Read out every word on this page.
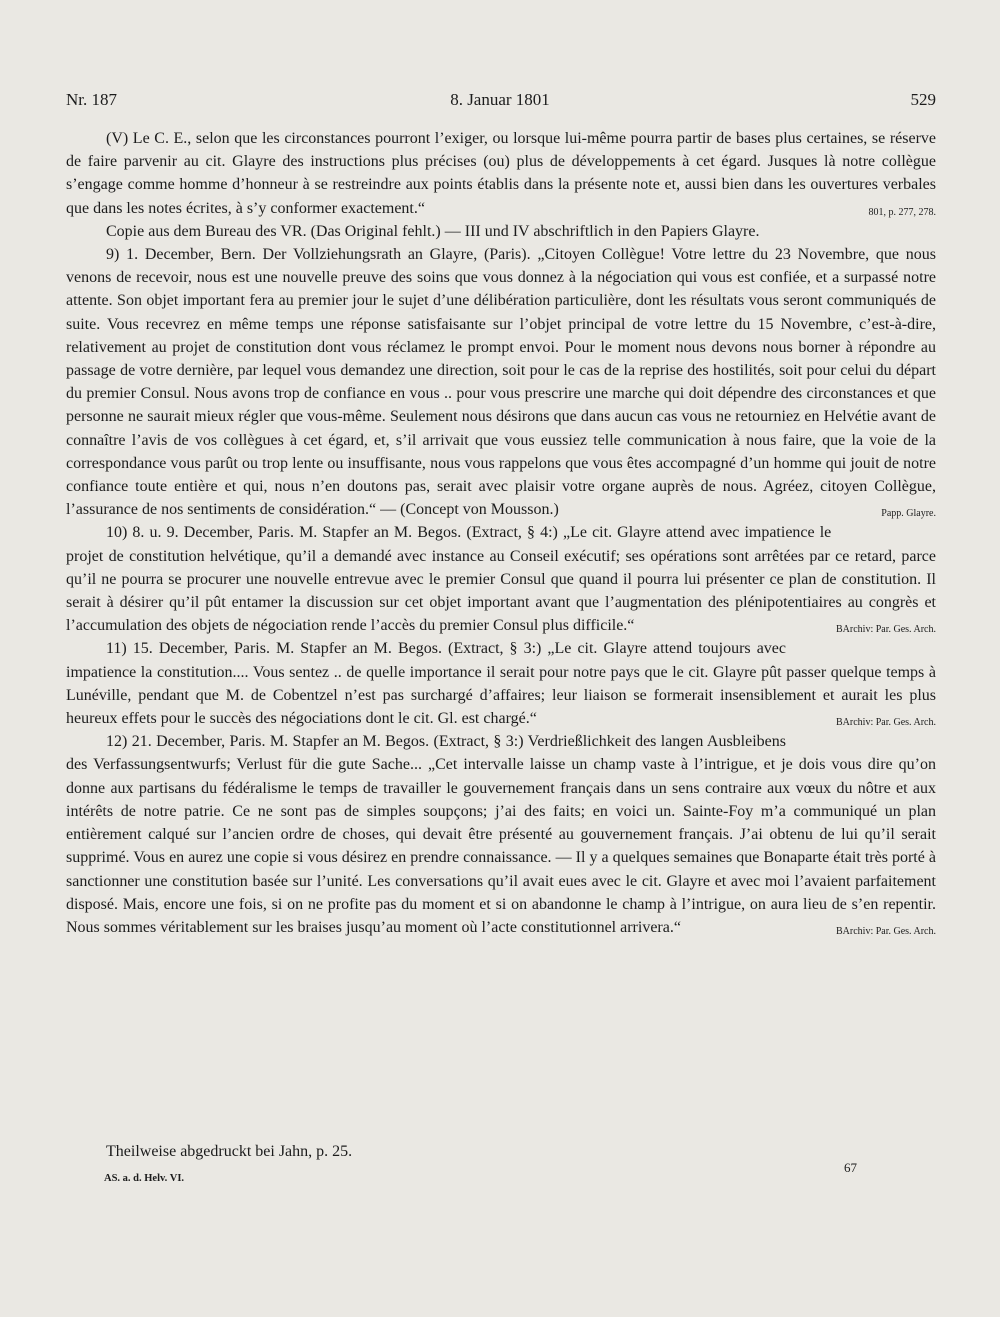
Nr. 187	8. Januar 1801	529

(V) Le C. E., selon que les circonstances pourront l’exiger, ou lorsque lui-même pourra partir de bases plus certaines, se réserve de faire parvenir au cit. Glayre des instructions plus précises (ou) plus de développements à cet égard. Jusques là notre collègue s’engage comme homme d’honneur à se restreindre aux points établis dans la présente note et, aussi bien dans les ouvertures verbales que dans les notes écrites, à s’y conformer exactement.“	801, p. 277, 278.

Copie aus dem Bureau des VR. (Das Original fehlt.) — III und IV abschriftlich in den Papiers Glayre.

9) 1. December, Bern. Der Vollziehungsrath an Glayre, (Paris). „Citoyen Collègue! Votre lettre du 23 Novembre, que nous venons de recevoir, nous est une nouvelle preuve des soins que vous donnez à la négociation qui vous est confiée, et a surpassé notre attente. Son objet important fera au premier jour le sujet d’une délibération particulière, dont les résultats vous seront communiqués de suite. Vous recevrez en même temps une réponse satisfaisante sur l’objet principal de votre lettre du 15 Novembre, c’est-à-dire, relativement au projet de constitution dont vous réclamez le prompt envoi. Pour le moment nous devons nous borner à répondre au passage de votre dernière, par lequel vous demandez une direction, soit pour le cas de la reprise des hostilités, soit pour celui du départ du premier Consul. Nous avons trop de confiance en vous .. pour vous prescrire une marche qui doit dépendre des circonstances et que personne ne saurait mieux régler que vous-même. Seulement nous désirons que dans aucun cas vous ne retourniez en Helvétie avant de connaître l’avis de vos collègues à cet égard, et, s’il arrivait que vous eussiez telle communication à nous faire, que la voie de la correspondance vous parût ou trop lente ou insuffisante, nous vous rappelons que vous êtes accompagné d’un homme qui jouit de notre confiance toute entière et qui, nous n’en doutons pas, serait avec plaisir votre organe auprès de nous. Agréez, citoyen Collègue, l’assurance de nos sentiments de considération.“ — (Concept von Mousson.)	Papp. Glayre.

10) 8. u. 9. December, Paris. M. Stapfer an M. Begos. (Extract, § 4:) „Le cit. Glayre attend avec impatience le projet de constitution helvétique, qu’il a demandé avec instance au Conseil exécutif; ses opérations sont arrêtées par ce retard, parce qu’il ne pourra se procurer une nouvelle entrevue avec le premier Consul que quand il pourra lui présenter ce plan de constitution. Il serait à désirer qu’il pût entamer la discussion sur cet objet important avant que l’augmentation des plénipotentiaires au congrès et l’accumulation des objets de négociation rende l’accès du premier Consul plus difficile.“	BArchiv: Par. Ges. Arch.

11) 15. December, Paris. M. Stapfer an M. Begos. (Extract, § 3:) „Le cit. Glayre attend toujours avec impatience la constitution.... Vous sentez .. de quelle importance il serait pour notre pays que le cit. Glayre pût passer quelque temps à Lunéville, pendant que M. de Cobentzel n’est pas surchargé d’affaires; leur liaison se formerait insensiblement et aurait les plus heureux effets pour le succès des négociations dont le cit. Gl. est chargé.“	BArchiv: Par. Ges. Arch.

12) 21. December, Paris. M. Stapfer an M. Begos. (Extract, § 3:) Verdrießlichkeit des langen Ausbleibens des Verfassungsentwurfs; Verlust für die gute Sache... „Cet intervalle laisse un champ vaste à l’intrigue, et je dois vous dire qu’on donne aux partisans du fédéralisme le temps de travailler le gouvernement français dans un sens contraire aux vœux du nôtre et aux intérêts de notre patrie. Ce ne sont pas de simples soupçons; j’ai des faits; en voici un. Sainte-Foy m’a communiqué un plan entièrement calqué sur l’ancien ordre de choses, qui devait être présenté au gouvernement français. J’ai obtenu de lui qu’il serait supprimé. Vous en aurez une copie si vous désirez en prendre connaissance. — Il y a quelques semaines que Bonaparte était très porté à sanctionner une constitution basée sur l’unité. Les conversations qu’il avait eues avec le cit. Glayre et avec moi l’avaient parfaitement disposé. Mais, encore une fois, si on ne profite pas du moment et si on abandonne le champ à l’intrigue, on aura lieu de s’en repentir. Nous sommes véritablement sur les braises jusqu’au moment où l’acte constitutionnel arrivera.“	BArchiv: Par. Ges. Arch.

Theilweise abgedruckt bei Jahn, p. 25.
AS. a. d. Helv. VI.
67
